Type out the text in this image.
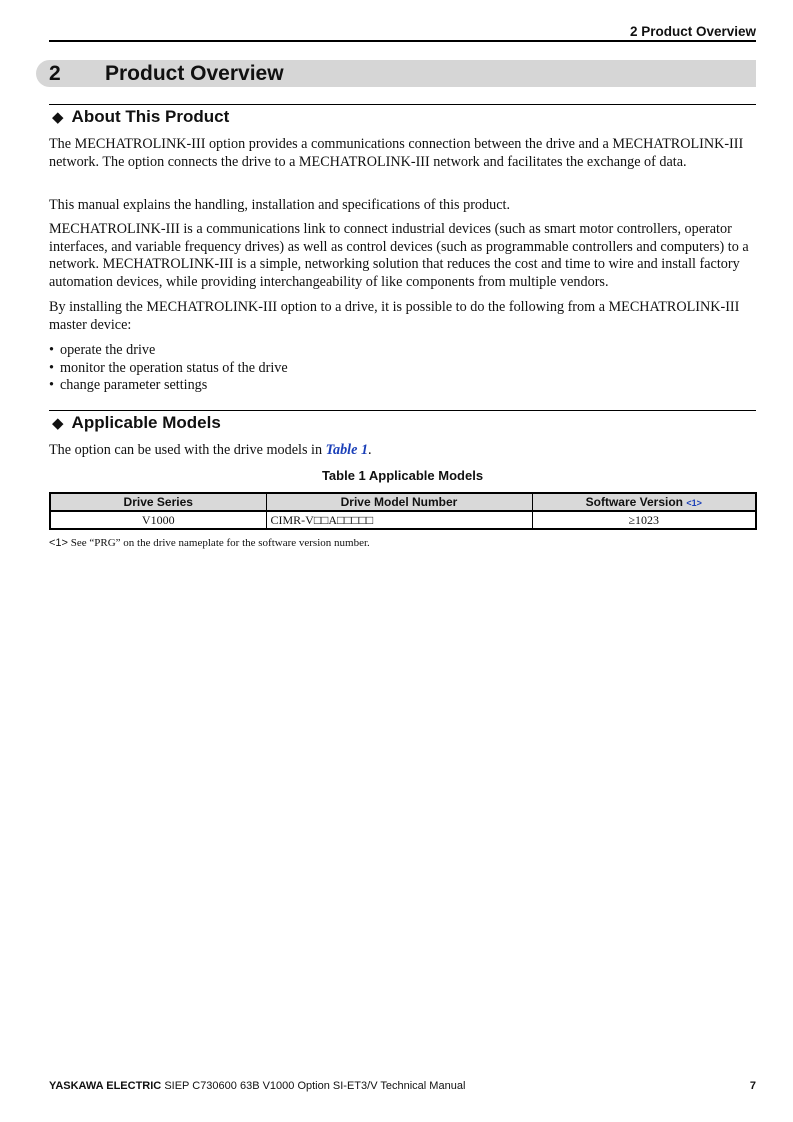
2 Product Overview
2 Product Overview
◆ About This Product

The MECHATROLINK-III option provides a communications connection between the drive and a MECHATROLINK-III network. The option connects the drive to a MECHATROLINK-III network and facilitates the exchange of data.

This manual explains the handling, installation and specifications of this product.

MECHATROLINK-III is a communications link to connect industrial devices (such as smart motor controllers, operator interfaces, and variable frequency drives) as well as control devices (such as programmable controllers and computers) to a network. MECHATROLINK-III is a simple, networking solution that reduces the cost and time to wire and install factory automation devices, while providing interchangeability of like components from multiple vendors.

By installing the MECHATROLINK-III option to a drive, it is possible to do the following from a MECHATROLINK-III master device:

• operate the drive
• monitor the operation status of the drive
• change parameter settings
◆ Applicable Models

The option can be used with the drive models in Table 1.

Table 1 Applicable Models
Drive Series	Drive Model Number	Software Version <1>
V1000	CIMR-V□□A□□□□□	≥1023
<1> See “PRG” on the drive nameplate for the software version number.
YASKAWA ELECTRIC SIEP C730600 63B V1000 Option SI-ET3/V Technical Manual	7
